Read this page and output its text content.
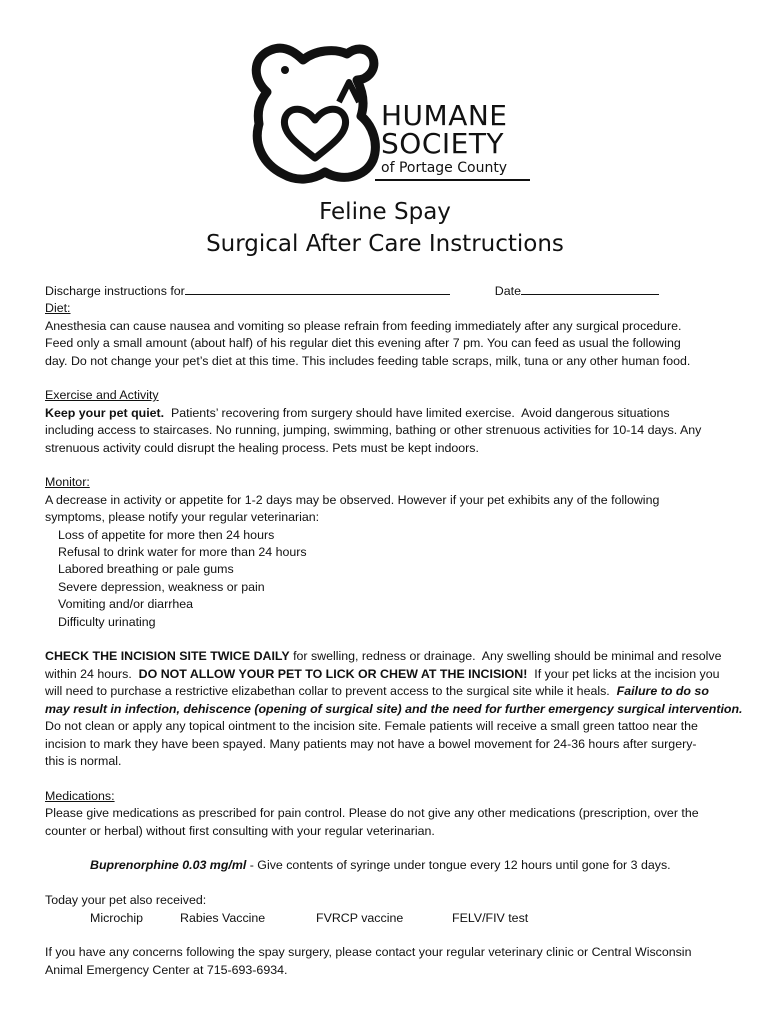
HUMANE
SOCIETY
of Portage County
Feline Spay
Surgical After Care Instructions
Discharge instructions for	Date
Diet:
Anesthesia can cause nausea and vomiting so please refrain from feeding immediately after any surgical procedure.
Feed only a small amount (about half) of his regular diet this evening after 7 pm. You can feed as usual the following
day. Do not change your pet’s diet at this time. This includes feeding table scraps, milk, tuna or any other human food.
Exercise and Activity
Keep your pet quiet.  Patients’ recovering from surgery should have limited exercise.  Avoid dangerous situations
including access to staircases. No running, jumping, swimming, bathing or other strenuous activities for 10-14 days. Any
strenuous activity could disrupt the healing process. Pets must be kept indoors.
Monitor:
A decrease in activity or appetite for 1-2 days may be observed. However if your pet exhibits any of the following
symptoms, please notify your regular veterinarian:
Loss of appetite for more then 24 hours
Refusal to drink water for more than 24 hours
Labored breathing or pale gums
Severe depression, weakness or pain
Vomiting and/or diarrhea
Difficulty urinating
CHECK THE INCISION SITE TWICE DAILY for swelling, redness or drainage.  Any swelling should be minimal and resolve
within 24 hours.  DO NOT ALLOW YOUR PET TO LICK OR CHEW AT THE INCISION!  If your pet licks at the incision you
will need to purchase a restrictive elizabethan collar to prevent access to the surgical site while it heals.  Failure to do so
may result in infection, dehiscence (opening of surgical site) and the need for further emergency surgical intervention.
Do not clean or apply any topical ointment to the incision site. Female patients will receive a small green tattoo near the
incision to mark they have been spayed. Many patients may not have a bowel movement for 24-36 hours after surgery-
this is normal.
Medications:
Please give medications as prescribed for pain control. Please do not give any other medications (prescription, over the
counter or herbal) without first consulting with your regular veterinarian.
Buprenorphine 0.03 mg/ml - Give contents of syringe under tongue every 12 hours until gone for 3 days.
Today your pet also received:
Microchip	Rabies Vaccine	FVRCP vaccine	FELV/FIV test
If you have any concerns following the spay surgery, please contact your regular veterinary clinic or Central Wisconsin
Animal Emergency Center at 715-693-6934.
